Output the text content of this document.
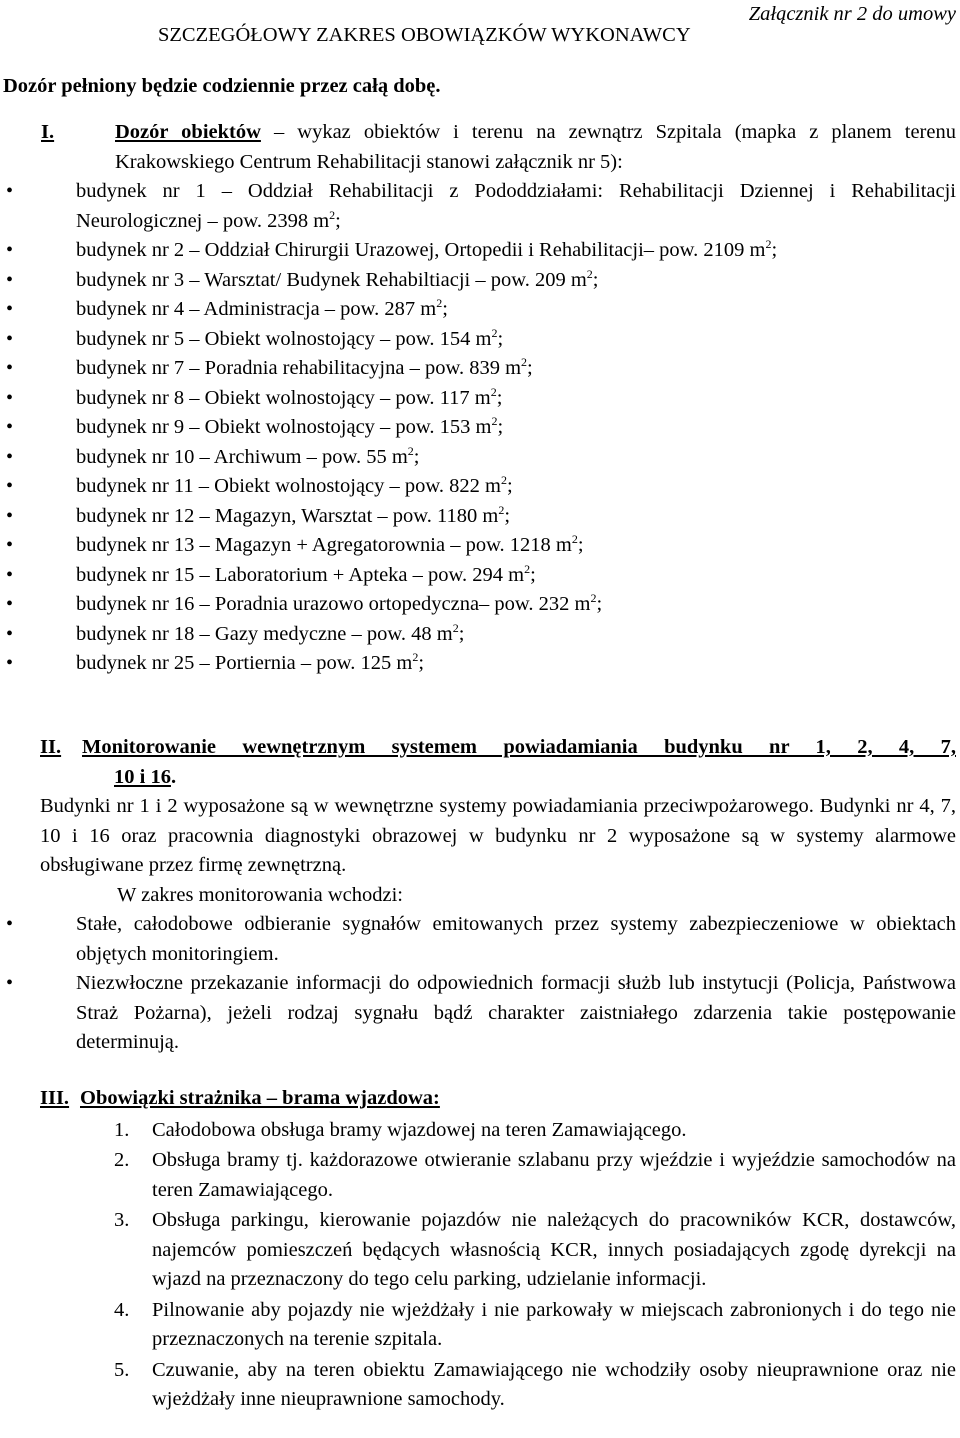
Załącznik nr 2 do umowy
SZCZEGÓŁOWY ZAKRES OBOWIĄZKÓW WYKONAWCY
Dozór pełniony będzie codziennie przez całą dobę.
I.	Dozór obiektów – wykaz obiektów i terenu na zewnątrz Szpitala (mapka z planem terenu Krakowskiego Centrum Rehabilitacji stanowi załącznik nr 5):
• budynek nr 1 – Oddział Rehabilitacji z Pododdziałami: Rehabilitacji Dziennej i Rehabilitacji Neurologicznej – pow. 2398 $m^2$;
• budynek nr 2 – Oddział Chirurgii Urazowej, Ortopedii i Rehabilitacji– pow. 2109 $m^2$;
• budynek nr 3 – Warsztat/ Budynek Rehabiltiacji – pow. 209 $m^2$;
• budynek nr 4 – Administracja – pow. 287 $m^2$;
• budynek nr 5 – Obiekt wolnostojący – pow. 154 $m^2$;
• budynek nr 7 – Poradnia rehabilitacyjna – pow. 839 $m^2$;
• budynek nr 8 – Obiekt wolnostojący – pow. 117 $m^2$;
• budynek nr 9 – Obiekt wolnostojący – pow. 153 $m^2$;
• budynek nr 10 – Archiwum – pow. 55 $m^2$;
• budynek nr 11 – Obiekt wolnostojący – pow. 822 $m^2$;
• budynek nr 12 – Magazyn, Warsztat – pow. 1180 $m^2$;
• budynek nr 13 – Magazyn + Agregatorownia – pow. 1218 $m^2$;
• budynek nr 15 – Laboratorium + Apteka – pow. 294 $m^2$;
• budynek nr 16 – Poradnia urazowo ortopedyczna– pow. 232 $m^2$;
• budynek nr 18 – Gazy medyczne – pow. 48 $m^2$;
• budynek nr 25 – Portiernia – pow. 125 $m^2$;
II. Monitorowanie wewnętrznym systemem powiadamiania budynku nr 1, 2, 4, 7,
10 i 16.
Budynki nr 1 i 2 wyposażone są w wewnętrzne systemy powiadamiania przeciwpożarowego. Budynki nr 4, 7, 10 i 16 oraz pracownia diagnostyki obrazowej w budynku nr 2 wyposażone są w systemy alarmowe obsługiwane przez firmę zewnętrzną.
W zakres monitorowania wchodzi:
• Stałe, całodobowe odbieranie sygnałów emitowanych przez systemy zabezpieczeniowe w obiektach objętych monitoringiem.
• Niezwłoczne przekazanie informacji do odpowiednich formacji służb lub instytucji (Policja, Państwowa Straż Pożarna), jeżeli rodzaj sygnału bądź charakter zaistniałego zdarzenia takie postępowanie determinują.
III. Obowiązki strażnika – brama wjazdowa:
1. Całodobowa obsługa bramy wjazdowej na teren Zamawiającego.
2. Obsługa bramy tj. każdorazowe otwieranie szlabanu przy wjeździe i wyjeździe samochodów na teren Zamawiającego.
3. Obsługa parkingu, kierowanie pojazdów nie należących do pracowników KCR, dostawców, najemców pomieszczeń będących własnością KCR, innych posiadających zgodę dyrekcji na wjazd na przeznaczony do tego celu parking, udzielanie informacji.
4. Pilnowanie aby pojazdy nie wjeżdżały i nie parkowały w miejscach zabronionych i do tego nie przeznaczonych na terenie szpitala.
5. Czuwanie, aby na teren obiektu Zamawiającego nie wchodziły osoby nieuprawnione oraz nie wjeżdżały inne nieuprawnione samochody.
